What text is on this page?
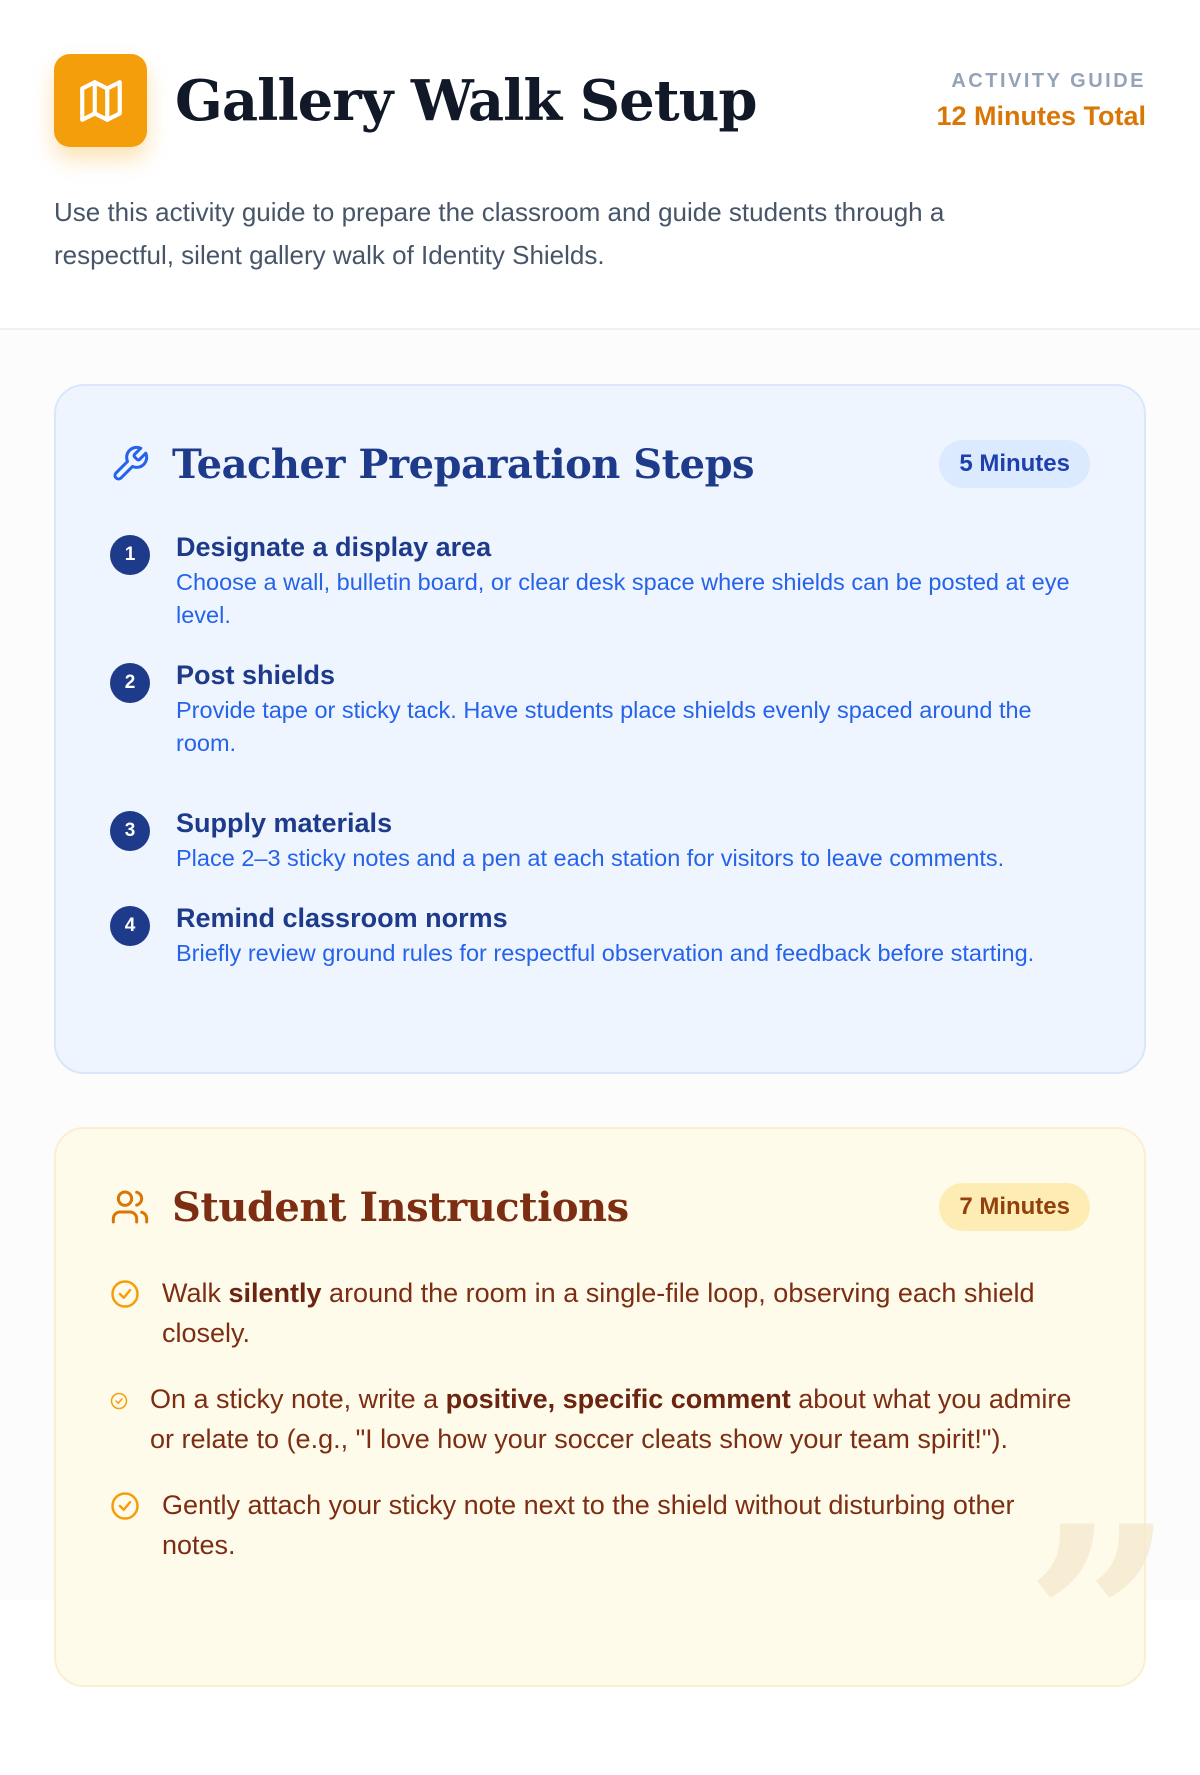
Gallery Walk Setup	ACTIVITY GUIDE
12 Minutes Total

Use this activity guide to prepare the classroom and guide students through a respectful, silent gallery walk of Identity Shields.

Teacher Preparation Steps	5 Minutes
1	Designate a display area
Choose a wall, bulletin board, or clear desk space where shields can be posted at eye level.
2	Post shields
Provide tape or sticky tack. Have students place shields evenly spaced around the room.
3	Supply materials
Place 2–3 sticky notes and a pen at each station for visitors to leave comments.
4	Remind classroom norms
Briefly review ground rules for respectful observation and feedback before starting.
”
Student Instructions	7 Minutes

Walk silently around the room in a single-file loop, observing each shield closely.

On a sticky note, write a positive, specific comment about what you admire or relate to (e.g., "I love how your soccer cleats show your team spirit!").

Gently attach your sticky note next to the shield without disturbing other notes.
